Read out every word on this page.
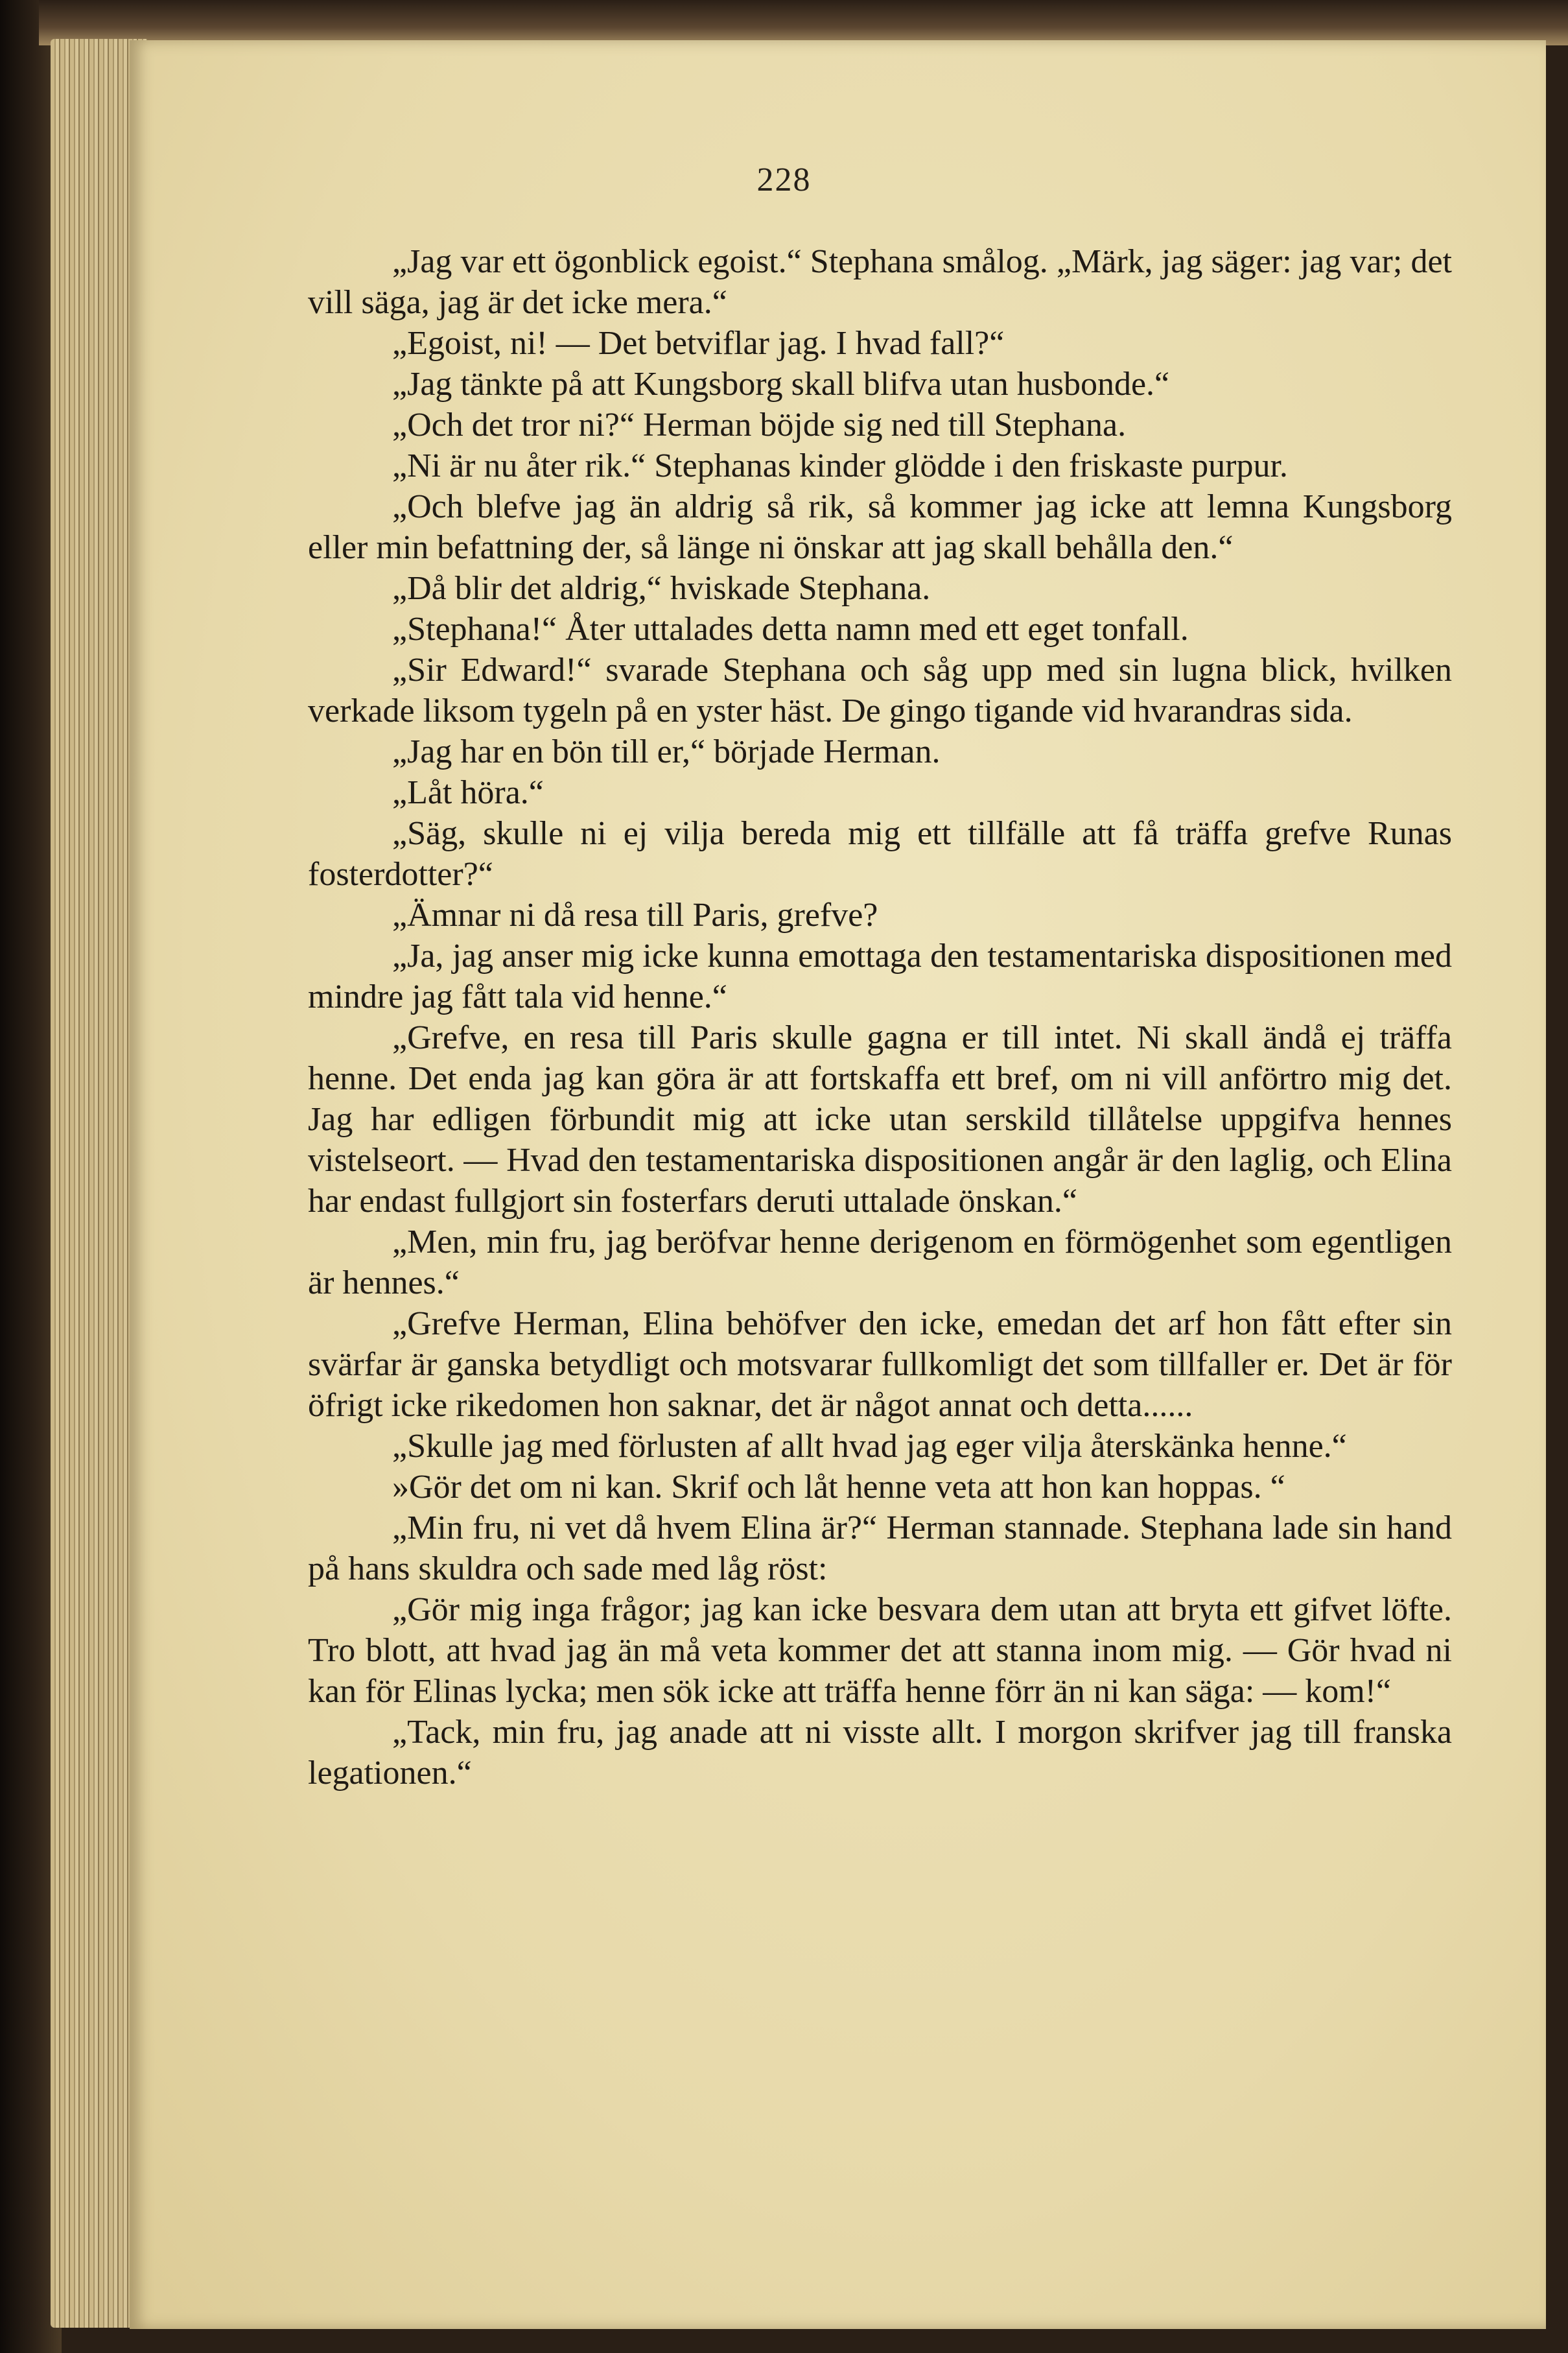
228

„Jag var ett ögonblick egoist.“ Stephana smålog. „Märk, jag säger: jag var; det vill säga, jag är det icke mera.“

„Egoist, ni! — Det betviflar jag. I hvad fall?“

„Jag tänkte på att Kungsborg skall blifva utan husbonde.“

„Och det tror ni?“ Herman böjde sig ned till Stephana.

„Ni är nu åter rik.“ Stephanas kinder glödde i den friskaste purpur.

„Och blefve jag än aldrig så rik, så kommer jag icke att lemna Kungsborg eller min befattning der, så länge ni önskar att jag skall behålla den.“

„Då blir det aldrig,“ hviskade Stephana.

„Stephana!“ Åter uttalades detta namn med ett eget tonfall.

„Sir Edward!“ svarade Stephana och såg upp med sin lugna blick, hvilken verkade liksom tygeln på en yster häst. De gingo tigande vid hvarandras sida.

„Jag har en bön till er,“ började Herman.

„Låt höra.“

„Säg, skulle ni ej vilja bereda mig ett tillfälle att få träffa grefve Runas fosterdotter?“

„Ämnar ni då resa till Paris, grefve?

„Ja, jag anser mig icke kunna emottaga den testamentariska dispositionen med mindre jag fått tala vid henne.“

„Grefve, en resa till Paris skulle gagna er till intet. Ni skall ändå ej träffa henne. Det enda jag kan göra är att fortskaffa ett bref, om ni vill anförtro mig det. Jag har edligen förbundit mig att icke utan serskild tillåtelse uppgifva hennes vistelseort. — Hvad den testamentariska dispositionen angår är den laglig, och Elina har endast fullgjort sin fosterfars deruti uttalade önskan.“

„Men, min fru, jag beröfvar henne derigenom en förmögenhet som egentligen är hennes.“

„Grefve Herman, Elina behöfver den icke, emedan det arf hon fått efter sin svärfar är ganska betydligt och motsvarar fullkomligt det som tillfaller er. Det är för öfrigt icke rikedomen hon saknar, det är något annat och detta......

„Skulle jag med förlusten af allt hvad jag eger vilja återskänka henne.“

»Gör det om ni kan. Skrif och låt henne veta att hon kan hoppas. “

„Min fru, ni vet då hvem Elina är?“ Herman stannade. Stephana lade sin hand på hans skuldra och sade med låg röst:

„Gör mig inga frågor; jag kan icke besvara dem utan att bryta ett gifvet löfte. Tro blott, att hvad jag än må veta kommer det att stanna inom mig. — Gör hvad ni kan för Elinas lycka; men sök icke att träffa henne förr än ni kan säga: — kom!“

„Tack, min fru, jag anade att ni visste allt. I morgon skrifver jag till franska legationen.“
